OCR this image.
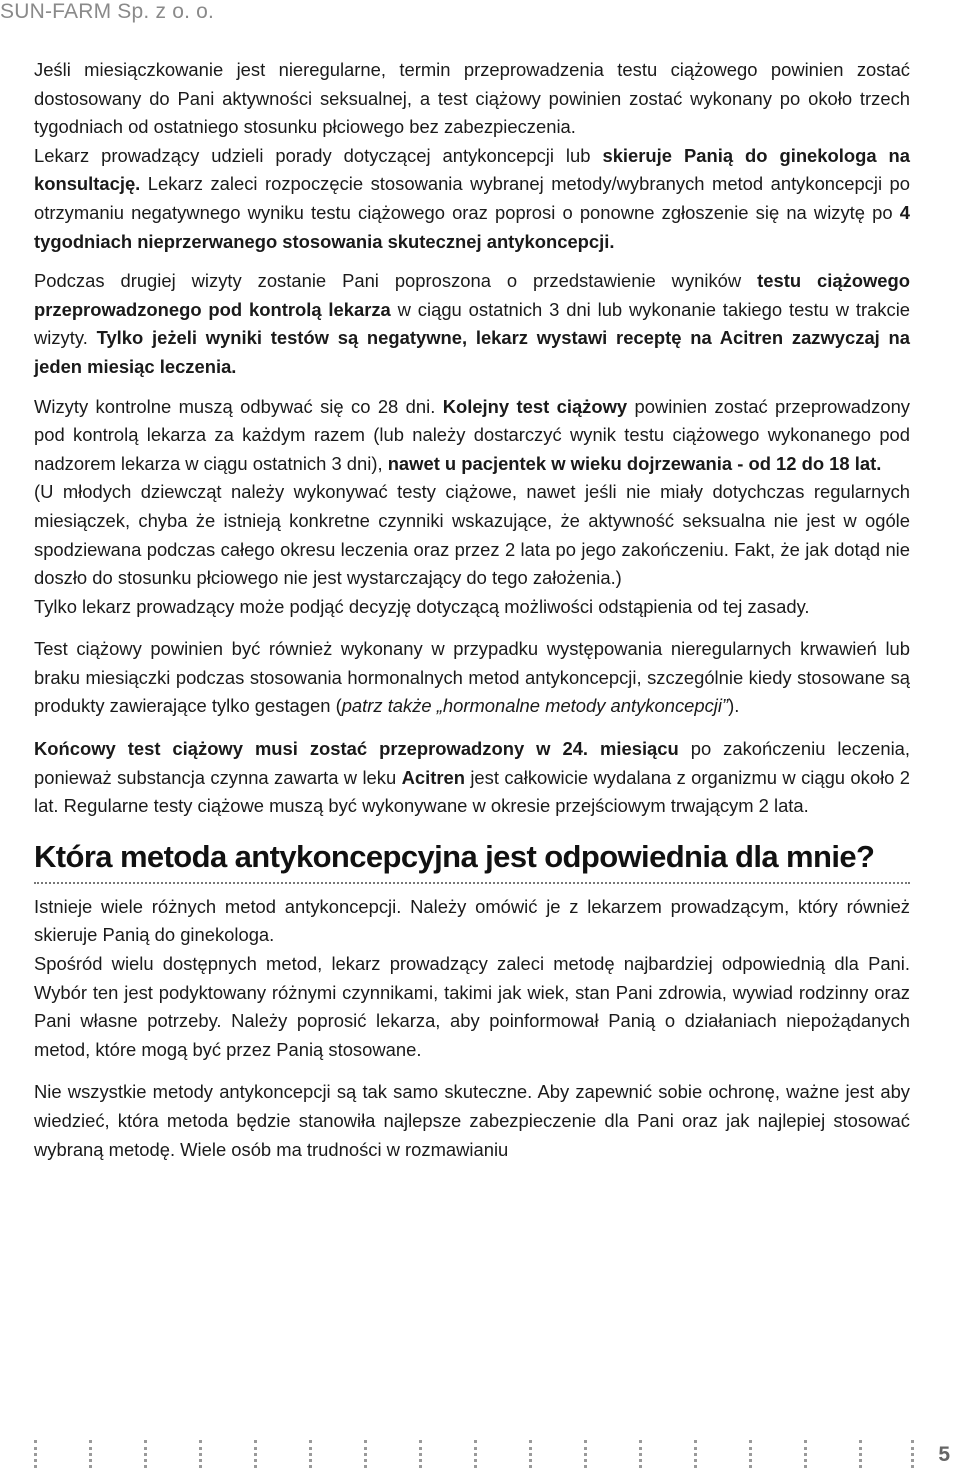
SUN-FARM Sp. z o. o.

Jeśli miesiączkowanie jest nieregularne, termin przeprowadzenia testu ciążowego powinien zostać dostosowany do Pani aktywności seksualnej, a test ciążowy powinien zostać wykonany po około trzech tygodniach od ostatniego stosunku płciowego bez zabezpieczenia.

Lekarz prowadzący udzieli porady dotyczącej antykoncepcji lub skieruje Panią do ginekologa na konsultację. Lekarz zaleci rozpoczęcie stosowania wybranej metody/wybranych metod antykoncepcji po otrzymaniu negatywnego wyniku testu ciążowego oraz poprosi o ponowne zgłoszenie się na wizytę po 4 tygodniach nieprzerwanego stosowania skutecznej antykoncepcji.

Podczas drugiej wizyty zostanie Pani poproszona o przedstawienie wyników testu ciążowego przeprowadzonego pod kontrolą lekarza w ciągu ostatnich 3 dni lub wykonanie takiego testu w trakcie wizyty. Tylko jeżeli wyniki testów są negatywne, lekarz wystawi receptę na Acitren zazwyczaj na jeden miesiąc leczenia.

Wizyty kontrolne muszą odbywać się co 28 dni. Kolejny test ciążowy powinien zostać przeprowadzony pod kontrolą lekarza za każdym razem (lub należy dostarczyć wynik testu ciążowego wykonanego pod nadzorem lekarza w ciągu ostatnich 3 dni), nawet u pacjentek w wieku dojrzewania - od 12 do 18 lat.

(U młodych dziewcząt należy wykonywać testy ciążowe, nawet jeśli nie miały dotychczas regularnych miesiączek, chyba że istnieją konkretne czynniki wskazujące, że aktywność seksualna nie jest w ogóle spodziewana podczas całego okresu leczenia oraz przez 2 lata po jego zakończeniu. Fakt, że jak dotąd nie doszło do stosunku płciowego nie jest wystarczający do tego założenia.)

Tylko lekarz prowadzący może podjąć decyzję dotyczącą możliwości odstąpienia od tej zasady.

Test ciążowy powinien być również wykonany w przypadku występowania nieregularnych krwawień lub braku miesiączki podczas stosowania hormonalnych metod antykoncepcji, szczególnie kiedy stosowane są produkty zawierające tylko gestagen (patrz także „hormonalne metody antykoncepcji”).

Końcowy test ciążowy musi zostać przeprowadzony w 24. miesiącu po zakończeniu leczenia, ponieważ substancja czynna zawarta w leku Acitren jest całkowicie wydalana z organizmu w ciągu około 2 lat. Regularne testy ciążowe muszą być wykonywane w okresie przejściowym trwającym 2 lata.

Która metoda antykoncepcyjna jest odpowiednia dla mnie?

Istnieje wiele różnych metod antykoncepcji. Należy omówić je z lekarzem prowadzącym, który również skieruje Panią do ginekologa.

Spośród wielu dostępnych metod, lekarz prowadzący zaleci metodę najbardziej odpowiednią dla Pani. Wybór ten jest podyktowany różnymi czynnikami, takimi jak wiek, stan Pani zdrowia, wywiad rodzinny oraz Pani własne potrzeby. Należy poprosić lekarza, aby poinformował Panią o działaniach niepożądanych metod, które mogą być przez Panią stosowane.

Nie wszystkie metody antykoncepcji są tak samo skuteczne. Aby zapewnić sobie ochronę, ważne jest aby wiedzieć, która metoda będzie stanowiła najlepsze zabezpieczenie dla Pani oraz jak najlepiej stosować wybraną metodę. Wiele osób ma trudności w rozmawianiu

5
